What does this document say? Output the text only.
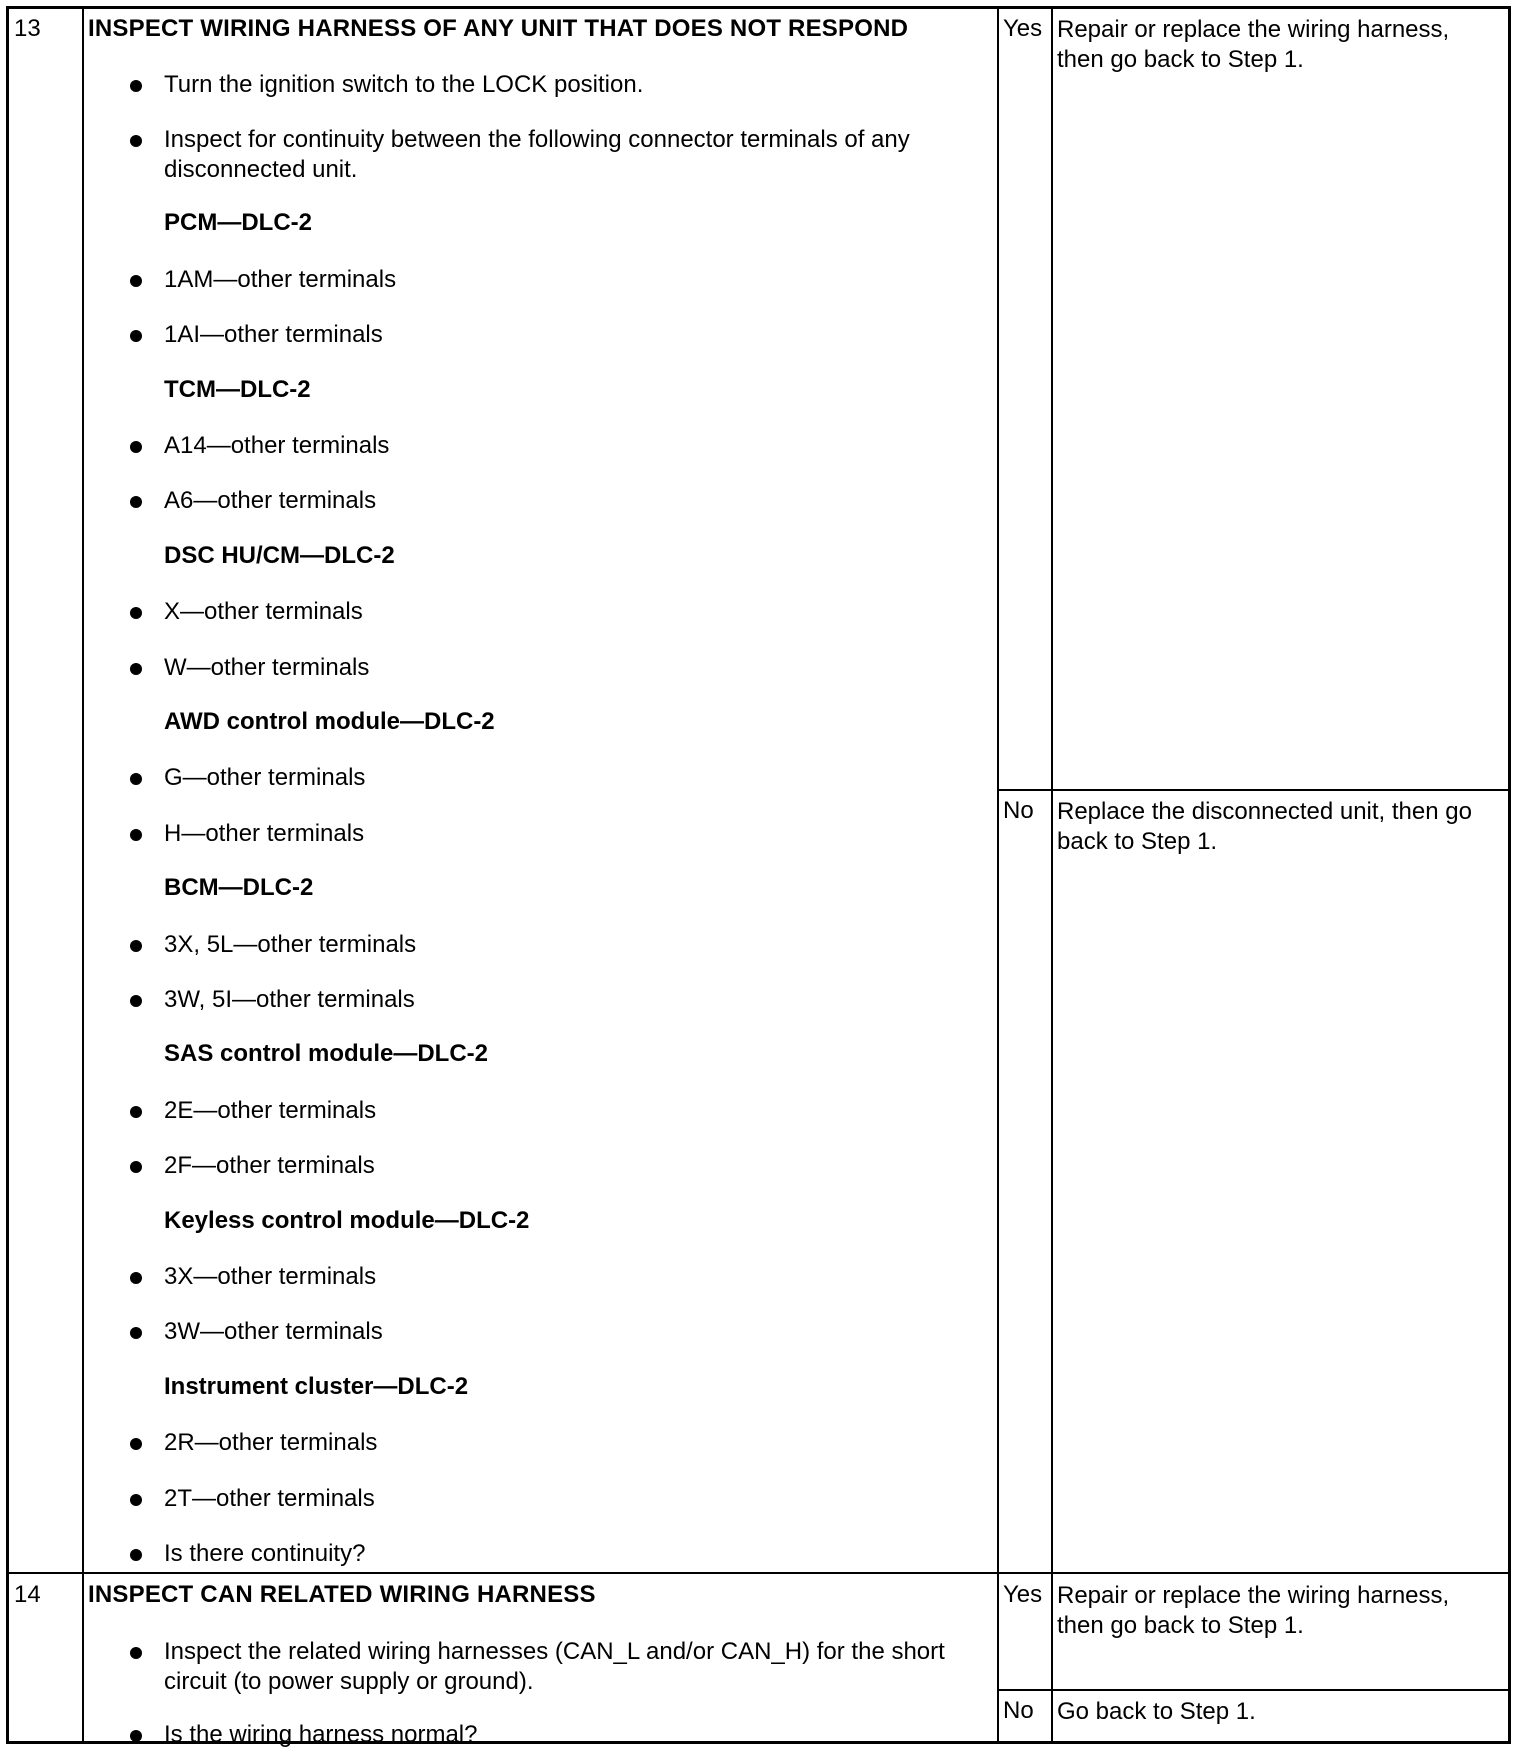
13 INSPECT WIRING HARNESS OF ANY UNIT THAT DOES NOT RESPOND
Turn the ignition switch to the LOCK position.
Inspect for continuity between the following connector terminals of any disconnected unit.
PCM—DLC-2
1AM—other terminals
1AI—other terminals
TCM—DLC-2
A14—other terminals
A6—other terminals
DSC HU/CM—DLC-2
X—other terminals
W—other terminals
AWD control module—DLC-2
G—other terminals
H—other terminals
BCM—DLC-2
3X, 5L—other terminals
3W, 5I—other terminals
SAS control module—DLC-2
2E—other terminals
2F—other terminals
Keyless control module—DLC-2
3X—other terminals
3W—other terminals
Instrument cluster—DLC-2
2R—other terminals
2T—other terminals
Is there continuity?
Yes Repair or replace the wiring harness, then go back to Step 1.
No Replace the disconnected unit, then go back to Step 1.
14 INSPECT CAN RELATED WIRING HARNESS
Inspect the related wiring harnesses (CAN_L and/or CAN_H) for the short circuit (to power supply or ground).
Is the wiring harness normal?
Yes Repair or replace the wiring harness, then go back to Step 1.
No Go back to Step 1.
